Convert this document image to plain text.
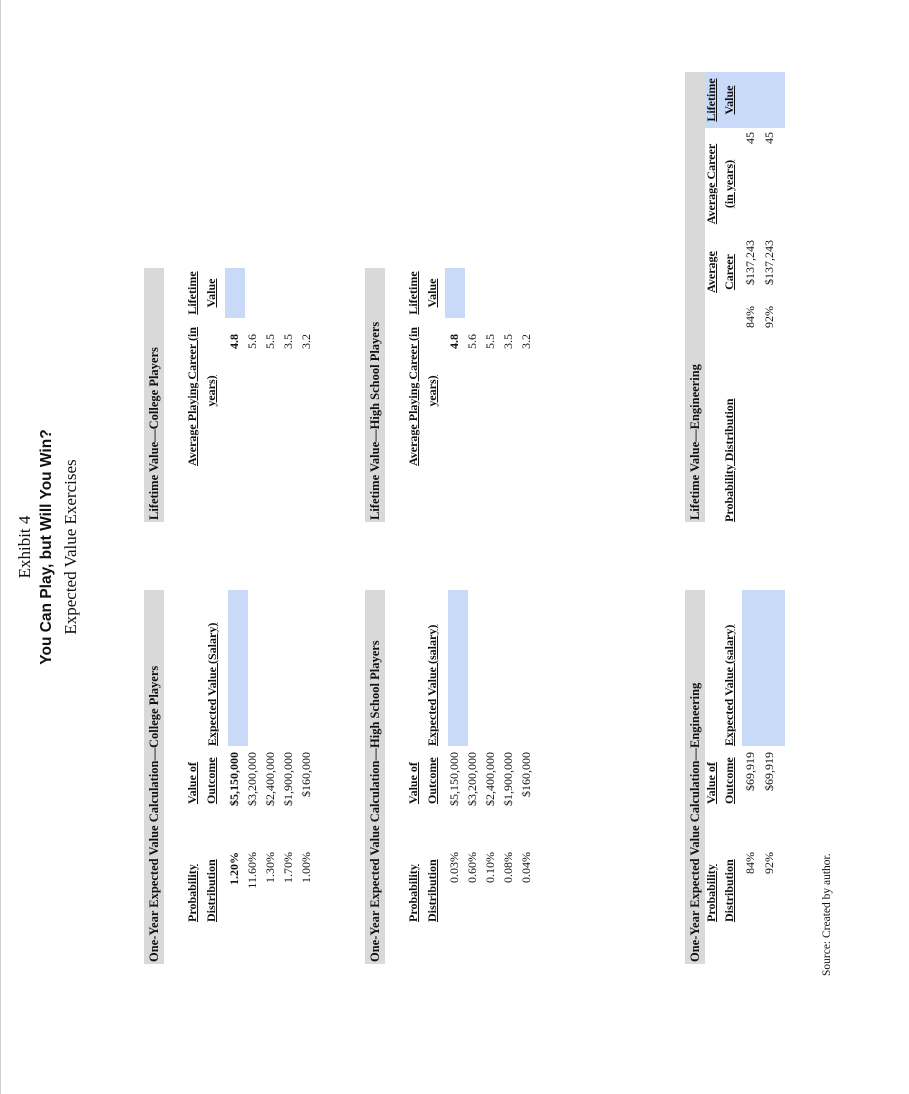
Exhibit 4 You Can Play, but Will You Win? Expected Value Exercises
One-Year Expected Value Calculation—College Players Probability Distribution
Value of Outcome
Expected Value (Salary)
1.20%
$5,150,000
11.60%
$3,200,000
1.30%
$2,400,000
1.70%
$1,900,000
1.00%
$160,000
Lifetime Value—College Players Average Playing Career (in years)
Lifetime Value
4.8 5.6 5.5 3.5 3.2
One-Year Expected Value Calculation—High School Players Probability Distribution
Value of Outcome
Expected Value (salary)
0.03%
$5,150,000
0.60%
$3,200,000
0.10%
$2,400,000
0.08%
$1,900,000
0.04%
$160,000
Lifetime Value—High School Players Average Playing Career (in years)
Lifetime Value
4.8 5.6 5.5 3.5 3.2
One-Year Expected Value Calculation—Engineering Probability Distribution
Value of Outcome
Expected Value (salary)
84%
$69,919
92%
$69,919
Lifetime Value—Engineering Probability Distribution
Average Career
Average Career (in years)
Lifetime Value
84%
$137,243
45
92%
$137,243
45
Source: Created by author.
